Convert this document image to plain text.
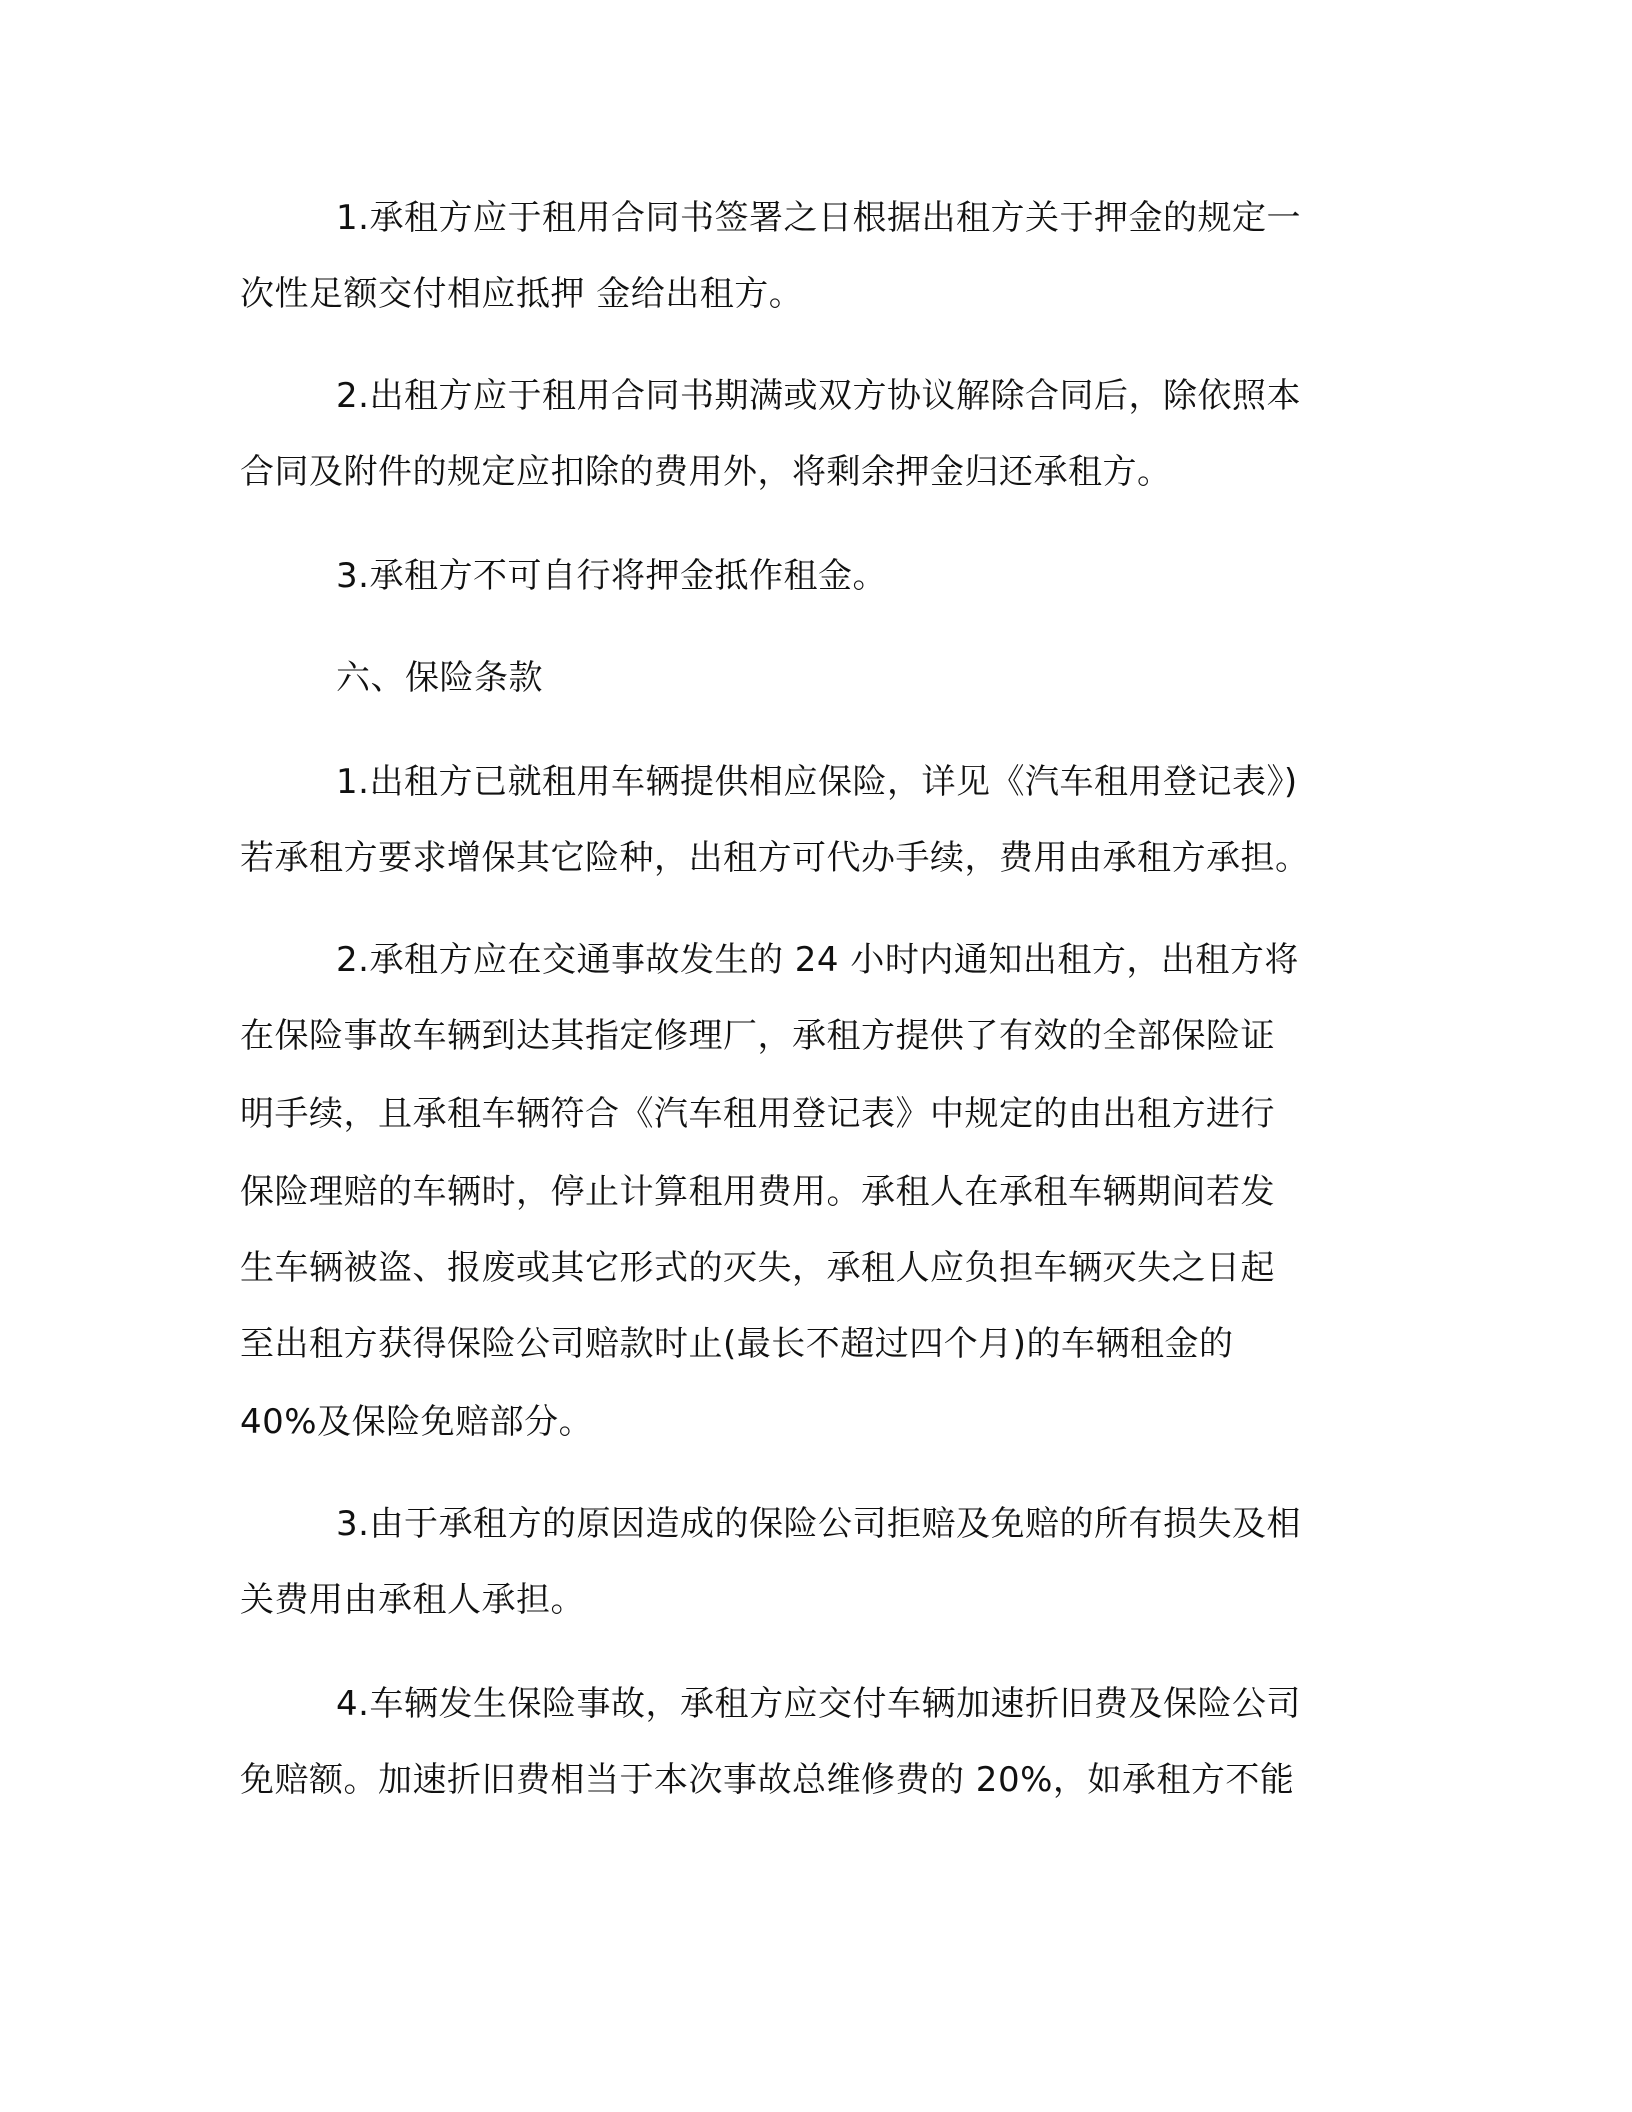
1.承租方应于租用合同书签署之日根据出租方关于押金的规定一
次性足额交付相应抵押 金给出租方。
2.出租方应于租用合同书期满或双方协议解除合同后，除依照本
合同及附件的规定应扣除的费用外，将剩余押金归还承租方。
3.承租方不可自行将押金抵作租金。
六、保险条款
1.出租方已就租用车辆提供相应保险，详见《汽车租用登记表》)
若承租方要求增保其它险种，出租方可代办手续，费用由承租方承担。
2.承租方应在交通事故发生的 24 小时内通知出租方，出租方将
在保险事故车辆到达其指定修理厂，承租方提供了有效的全部保险证
明手续，且承租车辆符合《汽车租用登记表》中规定的由出租方进行
保险理赔的车辆时，停止计算租用费用。承租人在承租车辆期间若发
生车辆被盗、报废或其它形式的灭失，承租人应负担车辆灭失之日起
至出租方获得保险公司赔款时止(最长不超过四个月)的车辆租金的
40%及保险免赔部分。
3.由于承租方的原因造成的保险公司拒赔及免赔的所有损失及相
关费用由承租人承担。
4.车辆发生保险事故，承租方应交付车辆加速折旧费及保险公司
免赔额。加速折旧费相当于本次事故总维修费的 20%，如承租方不能
